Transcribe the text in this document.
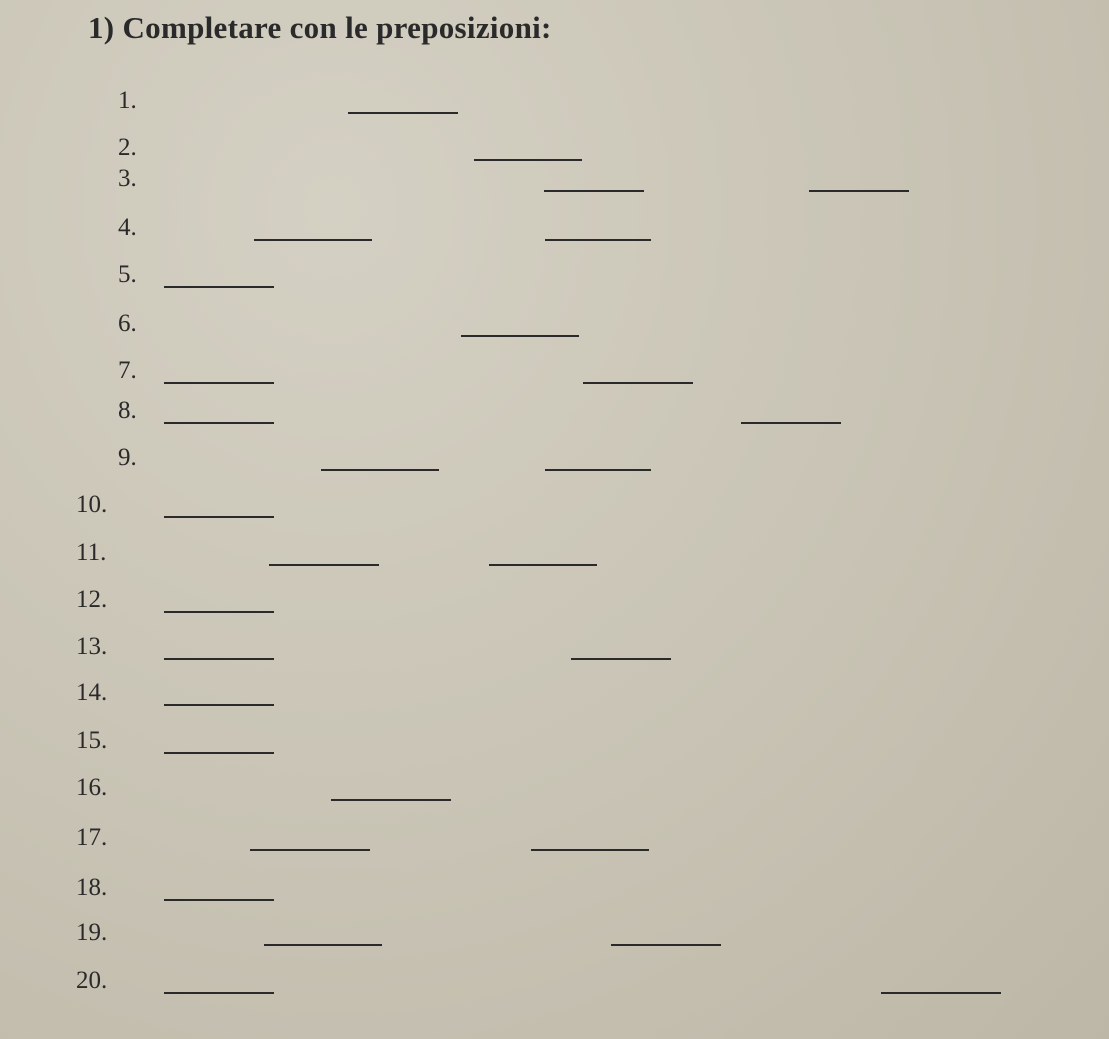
1) Completare con le preposizioni:
1.
2.
3.
4.
5.
6.
7.
8.
9.
10.
11.
12.
13.
14.
15.
16.
17.
18.
19.
20.
